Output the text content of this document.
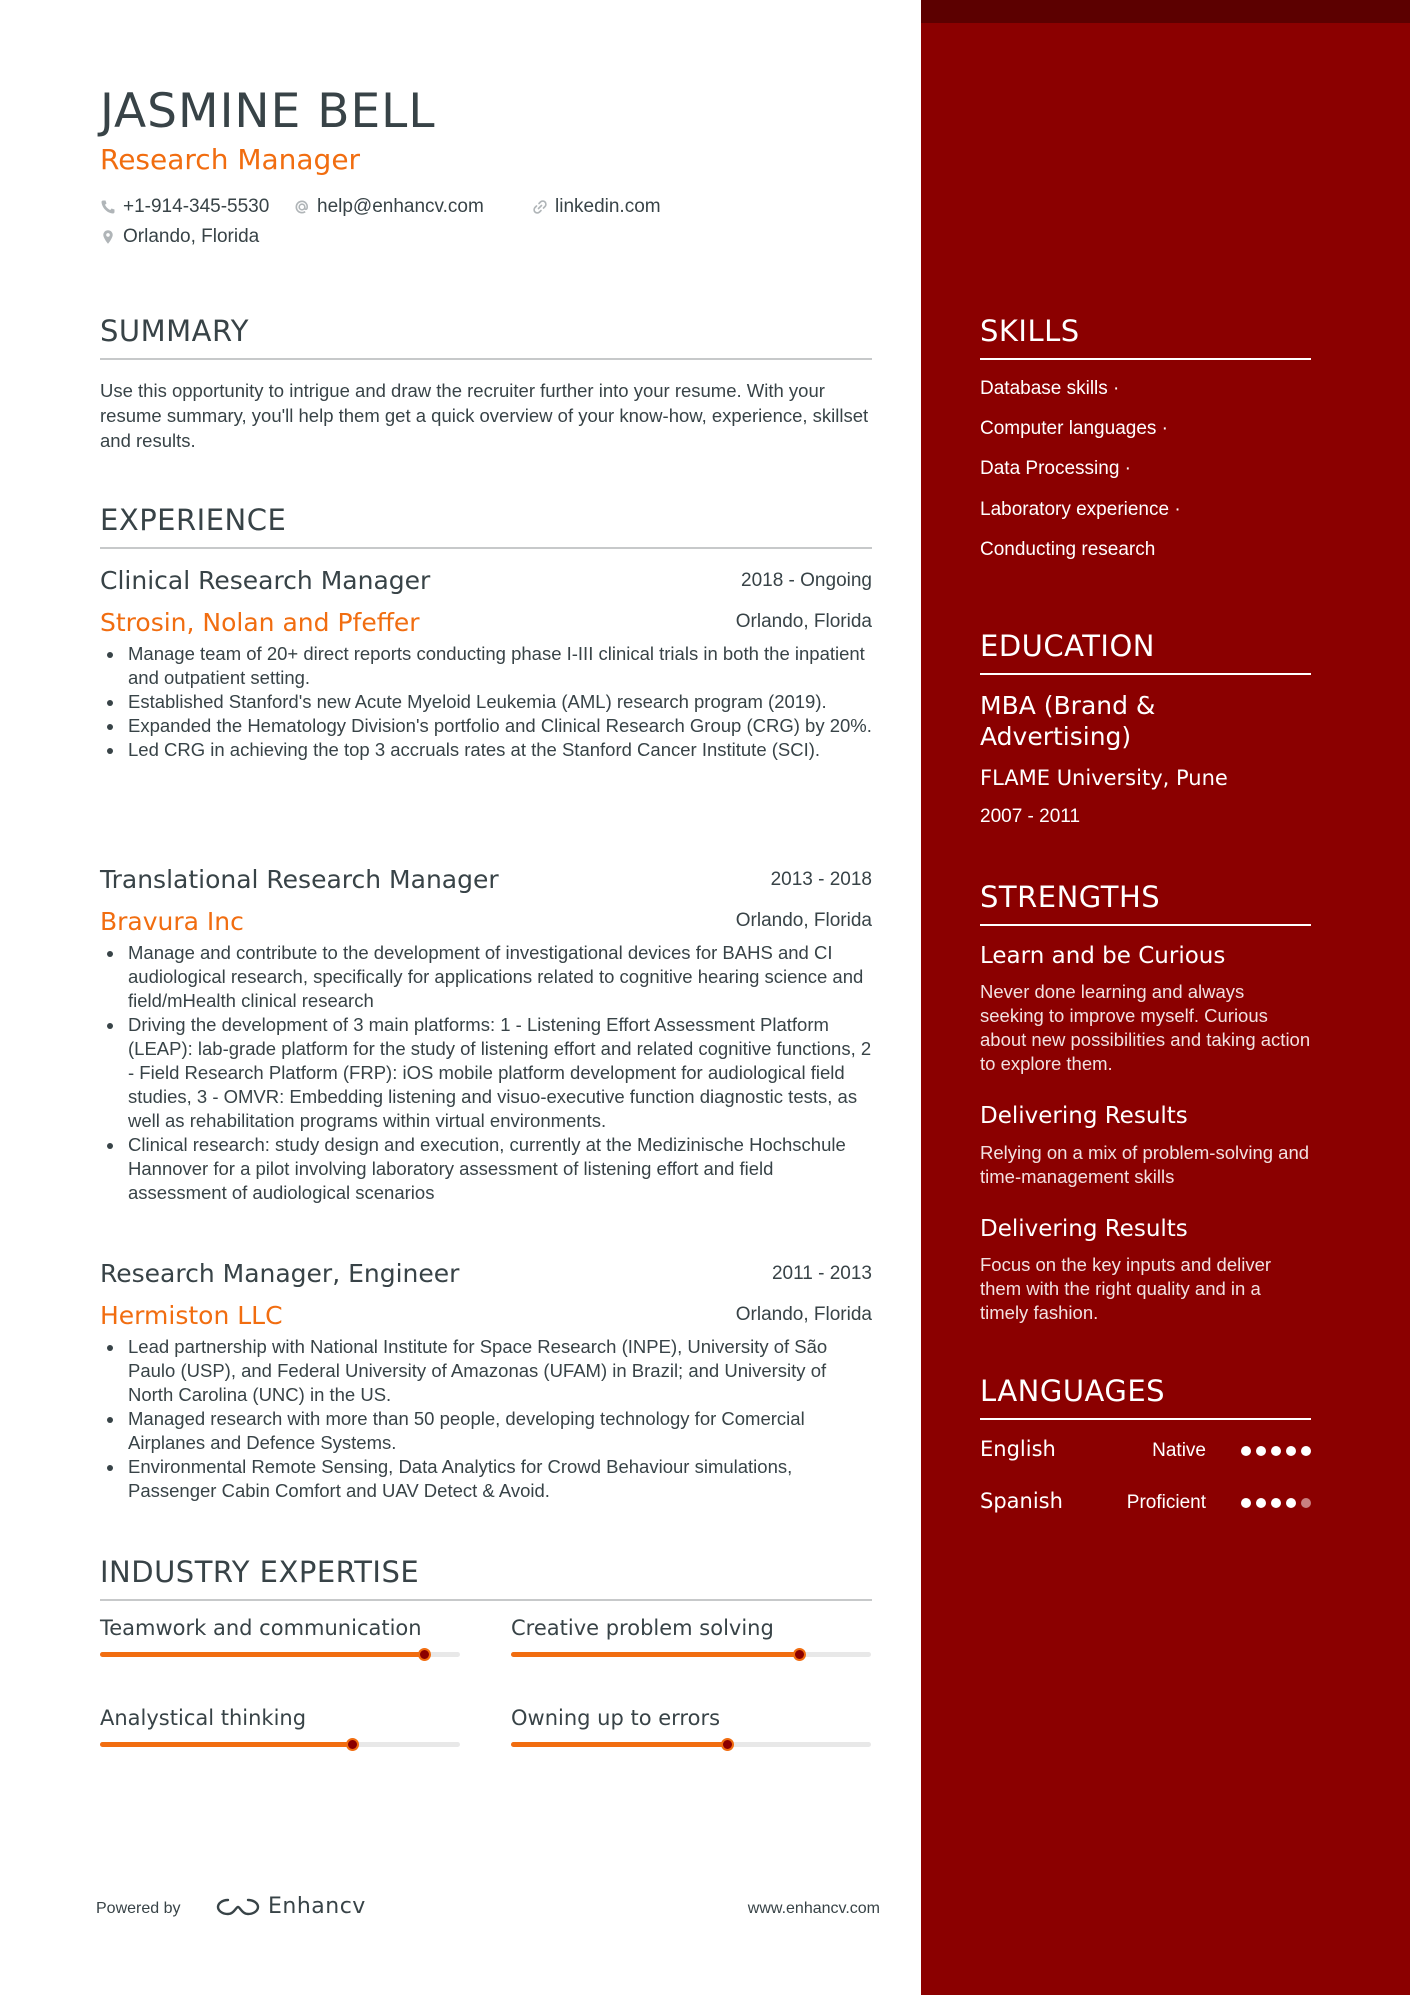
JASMINE BELL
Research Manager
+1-914-345-5530	help@enhancv.com	linkedin.com
Orlando, Florida
SUMMARY
Use this opportunity to intrigue and draw the recruiter further into your resume. With your resume summary, you'll help them get a quick overview of your know-how, experience, skillset and results.
EXPERIENCE
Clinical Research Manager	2018 - Ongoing
Strosin, Nolan and Pfeffer	Orlando, Florida
Manage team of 20+ direct reports conducting phase I-III clinical trials in both the inpatient and outpatient setting.
Established Stanford's new Acute Myeloid Leukemia (AML) research program (2019).
Expanded the Hematology Division's portfolio and Clinical Research Group (CRG) by 20%.
Led CRG in achieving the top 3 accruals rates at the Stanford Cancer Institute (SCI).
Translational Research Manager	2013 - 2018
Bravura Inc	Orlando, Florida
Manage and contribute to the development of investigational devices for BAHS and CI audiological research, specifically for applications related to cognitive hearing science and field/mHealth clinical research
Driving the development of 3 main platforms: 1 - Listening Effort Assessment Platform (LEAP): lab-grade platform for the study of listening effort and related cognitive functions, 2 - Field Research Platform (FRP): iOS mobile platform development for audiological field studies, 3 - OMVR: Embedding listening and visuo-executive function diagnostic tests, as well as rehabilitation programs within virtual environments.
Clinical research: study design and execution, currently at the Medizinische Hochschule Hannover for a pilot involving laboratory assessment of listening effort and field assessment of audiological scenarios
Research Manager, Engineer	2011 - 2013
Hermiston LLC	Orlando, Florida
Lead partnership with National Institute for Space Research (INPE), University of São Paulo (USP), and Federal University of Amazonas (UFAM) in Brazil; and University of North Carolina (UNC) in the US.
Managed research with more than 50 people, developing technology for Comercial Airplanes and Defence Systems.
Environmental Remote Sensing, Data Analytics for Crowd Behaviour simulations, Passenger Cabin Comfort and UAV Detect & Avoid.
INDUSTRY EXPERTISE
Teamwork and communication	Creative problem solving
Analystical thinking	Owning up to errors
Powered by	Enhancv	www.enhancv.com
SKILLS
Database skills ·
Computer languages ·
Data Processing ·
Laboratory experience ·
Conducting research
EDUCATION
MBA (Brand & Advertising)
FLAME University, Pune
2007 - 2011
STRENGTHS
Learn and be Curious
Never done learning and always seeking to improve myself. Curious about new possibilities and taking action to explore them.
Delivering Results
Relying on a mix of problem-solving and time-management skills
Delivering Results
Focus on the key inputs and deliver them with the right quality and in a timely fashion.
LANGUAGES
English	Native
Spanish	Proficient
